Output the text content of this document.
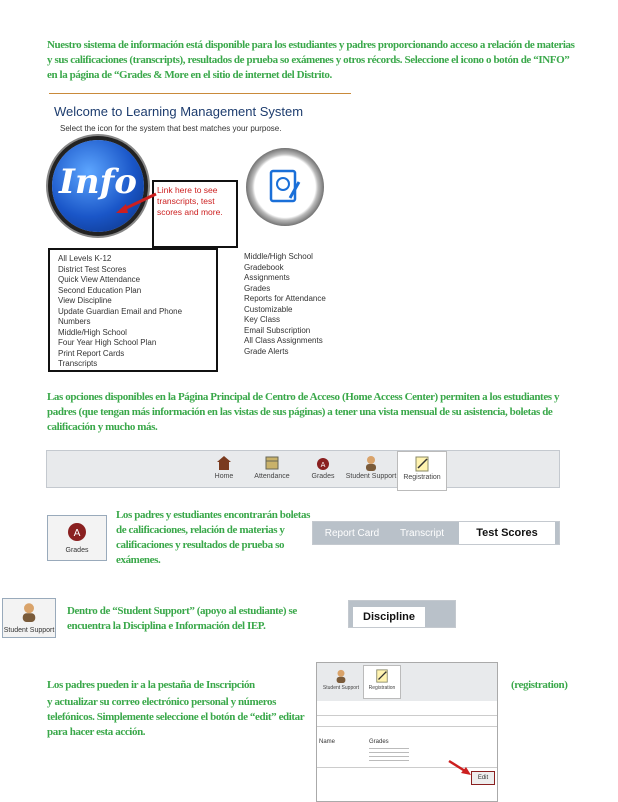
Nuestro sistema de información está disponible para los estudiantes y padres proporcionando acceso a relación de materias y sus calificaciones (transcripts), resultados de prueba so exámenes y otros récords. Seleccione el icono o botón de “INFO” en la página de “Grades & More en el sitio de internet del Distrito.
Welcome to Learning Management System
Select the icon for the system that best matches your purpose.
Info	Link here to see transcripts, test scores and more.
All Levels K-12
District Test Scores
Quick View Attendance
Second Education Plan
View Discipline
Update Guardian Email and Phone Numbers
Middle/High School
Four Year High School Plan
Print Report Cards
Transcripts
Middle/High School
Gradebook
Assignments
Grades
Reports for Attendance
Customizable
Key Class
Email Subscription
All Class Assignments
Grade Alerts
Las opciones disponibles en la Página Principal de Centro de Acceso (Home Access Center) permiten a los estudiantes y padres (que tengan más información en las vistas de sus páginas) a tener una vista mensual de su asistencia, boletas de calificación y mucho más.
Home	Attendance
A
Grades	Student Support	Registration
A
Grades
Los padres y estudiantes encontrarán boletas de calificaciones, relación de materias y calificaciones y resultados de prueba so exámenes.
Report Card	Transcript	Test Scores
Student Support
Dentro de “Student Support” (apoyo al estudiante) se encuentra la Disciplina e Información del IEP.
Discipline
Los padres pueden ir a la pestaña de Inscripción	(registration)
y actualizar su correo electrónico personal y números telefónicos. Simplemente seleccione el botón de “edit” editar para hacer esta acción.
Student Support	Registration
Name	Grades
Edit
